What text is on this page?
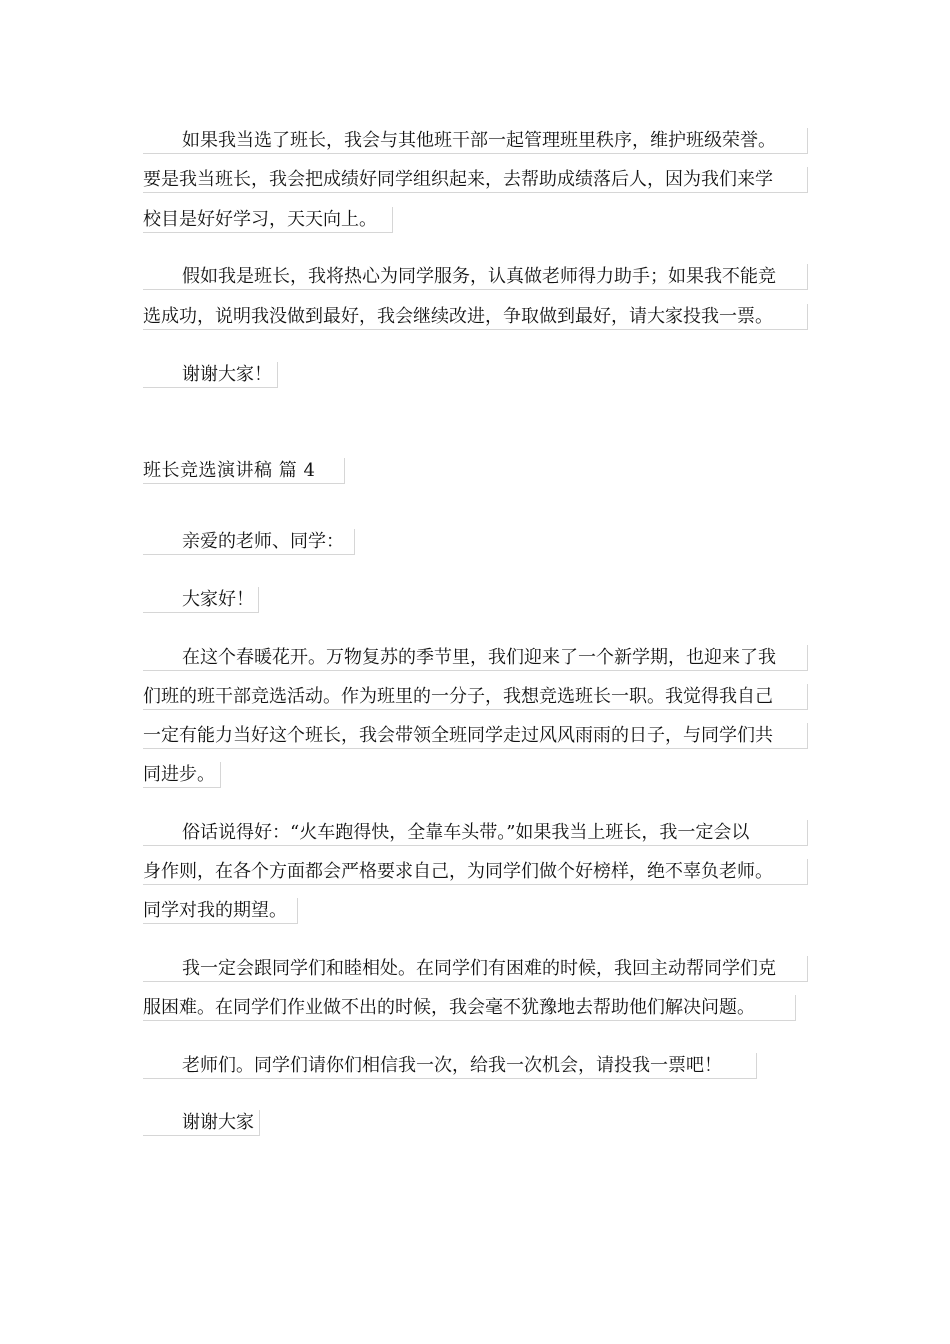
如果我当选了班长，我会与其他班干部一起管理班里秩序，维护班级荣誉。
要是我当班长，我会把成绩好同学组织起来，去帮助成绩落后人，因为我们来学
校目是好好学习，天天向上。
假如我是班长，我将热心为同学服务，认真做老师得力助手；如果我不能竞
选成功，说明我没做到最好，我会继续改进，争取做到最好，请大家投我一票。
谢谢大家！
班长竞选演讲稿 篇 4
亲爱的老师、同学：
大家好！
在这个春暖花开。万物复苏的季节里，我们迎来了一个新学期，也迎来了我
们班的班干部竞选活动。作为班里的一分子，我想竞选班长一职。我觉得我自己
一定有能力当好这个班长，我会带领全班同学走过风风雨雨的日子，与同学们共
同进步。
俗话说得好：“火车跑得快，全靠车头带。”如果我当上班长，我一定会以
身作则，在各个方面都会严格要求自己，为同学们做个好榜样，绝不辜负老师。
同学对我的期望。
我一定会跟同学们和睦相处。在同学们有困难的时候，我回主动帮同学们克
服困难。在同学们作业做不出的时候，我会毫不犹豫地去帮助他们解决问题。
老师们。同学们请你们相信我一次，给我一次机会，请投我一票吧！
谢谢大家
